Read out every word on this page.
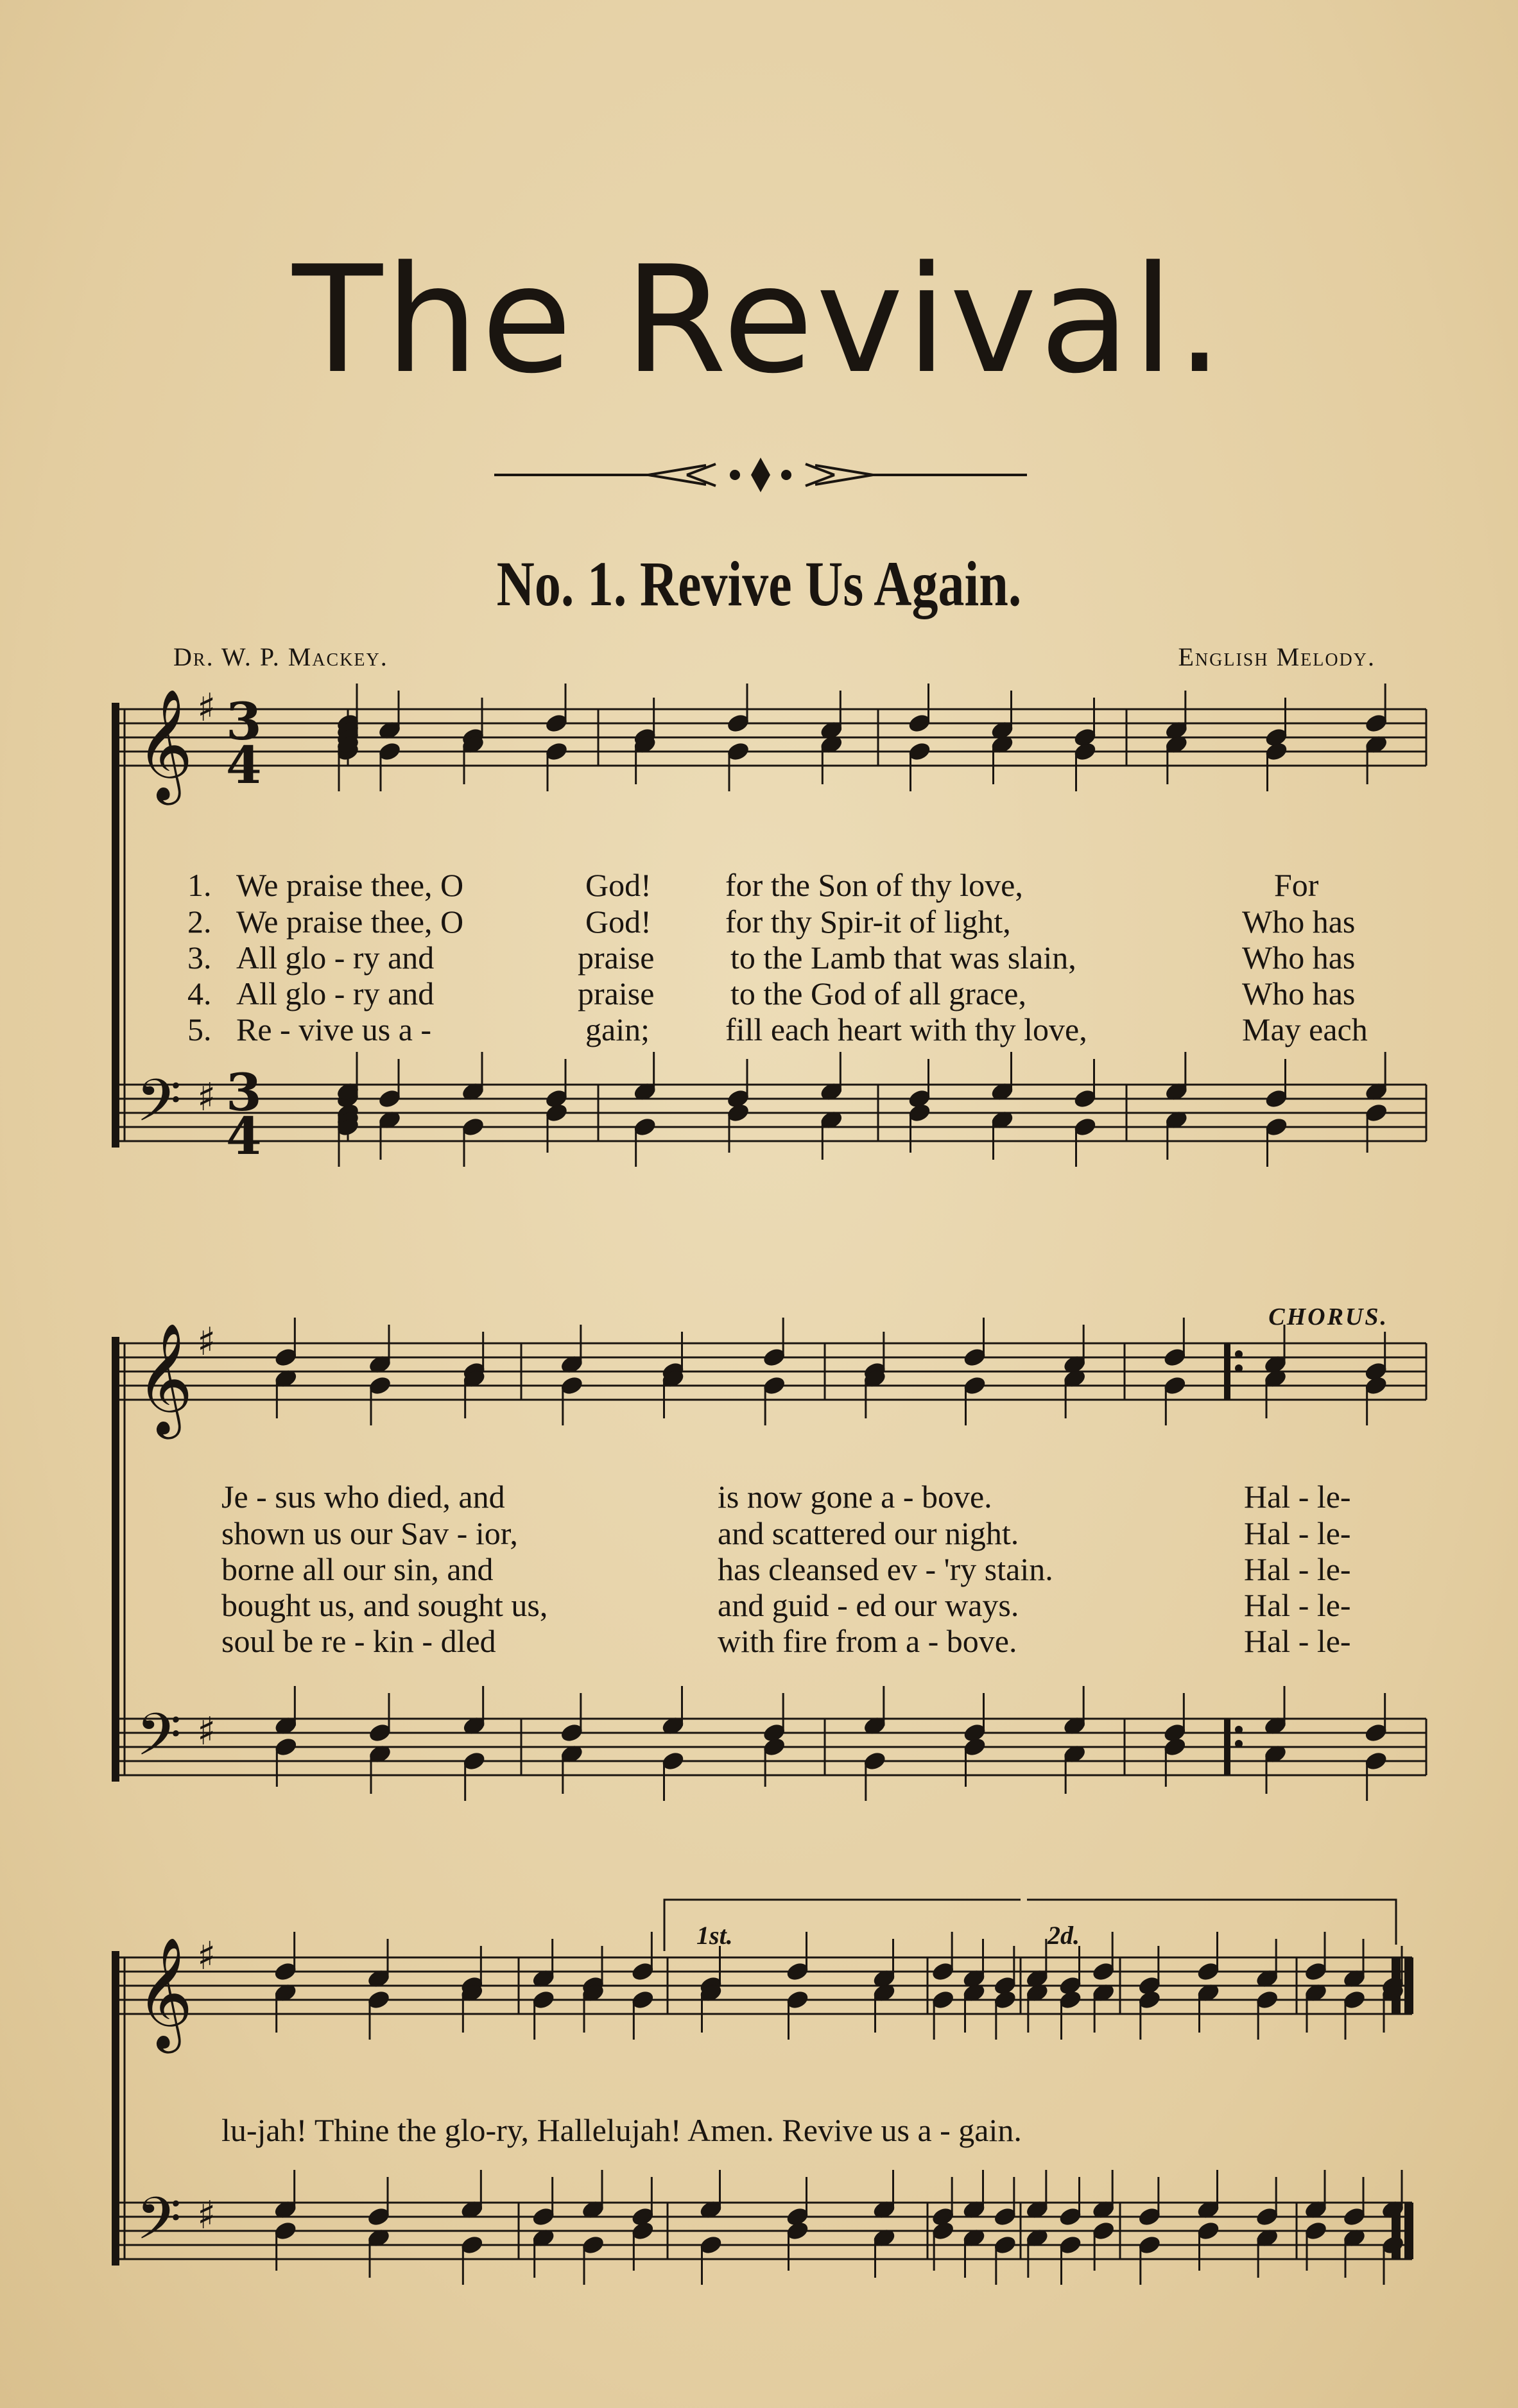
The Revival.
No. 1. Revive Us Again.
Dr. W. P. Mackey.	English Melody.
CHORUS.
𝄞
𝄢
♯
♯
𝄞
𝄢
♯
♯
𝄞
𝄢
♯
♯
1. We praise thee, O	God! for the Son of thy love,	For
2. We praise thee, O	God! for thy Spir-it of light,	Who has
3. All glo - ry and	praise to the Lamb that was slain,	Who has
4. All glo - ry and	praise to the God of all grace,	Who has
5. Re - vive us a -	gain; fill each heart with thy love,	May each
Je - sus who died, and	is now gone a - bove.	Hal - le-
shown us our Sav - ior,	and scattered our night.	Hal - le-
borne all our sin, and	has cleansed ev - 'ry stain.	Hal - le-
bought us, and sought us,	and guid - ed our ways.	Hal - le-
soul be re - kin - dled	with fire from a - bove.	Hal - le-
lu-jah! Thine the glo-ry, Hallelujah! Amen. Revive us a - gain.
1st.	2d.
3
4
3
4
